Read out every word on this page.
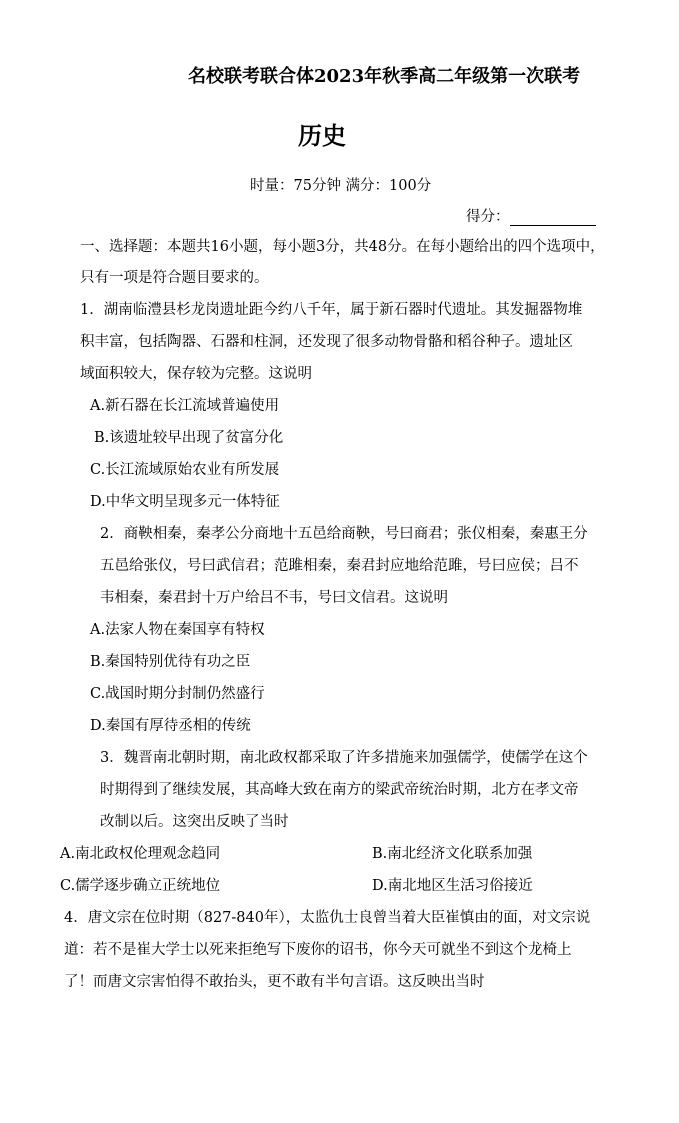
名校联考联合体2023年秋季高二年级第一次联考
历史
时量：75分钟 满分：100分
得分：
一、选择题：本题共16小题，每小题3分，共48分。在每小题给出的四个选项中，
只有一项是符合题目要求的。
1．湖南临澧县杉龙岗遗址距今约八千年，属于新石器时代遗址。其发掘器物堆
积丰富，包括陶器、石器和柱洞，还发现了很多动物骨骼和稻谷种子。遗址区
域面积较大，保存较为完整。这说明
A.新石器在长江流域普遍使用
B.该遗址较早出现了贫富分化
C.长江流域原始农业有所发展
D.中华文明呈现多元一体特征
2．商鞅相秦，秦孝公分商地十五邑给商鞅，号曰商君；张仪相秦，秦惠王分
五邑给张仪，号曰武信君；范雎相秦，秦君封应地给范雎，号曰应侯；吕不
韦相秦，秦君封十万户给吕不韦，号曰文信君。这说明
A.法家人物在秦国享有特权
B.秦国特别优待有功之臣
C.战国时期分封制仍然盛行
D.秦国有厚待丞相的传统
3．魏晋南北朝时期，南北政权都采取了许多措施来加强儒学，使儒学在这个
时期得到了继续发展，其高峰大致在南方的梁武帝统治时期，北方在孝文帝
改制以后。这突出反映了当时
A.南北政权伦理观念趋同	B.南北经济文化联系加强
C.儒学逐步确立正统地位	D.南北地区生活习俗接近
4．唐文宗在位时期（827-840年），太监仇士良曾当着大臣崔慎由的面，对文宗说
道：若不是崔大学士以死来拒绝写下废你的诏书，你今天可就坐不到这个龙椅上
了！而唐文宗害怕得不敢抬头，更不敢有半句言语。这反映出当时
